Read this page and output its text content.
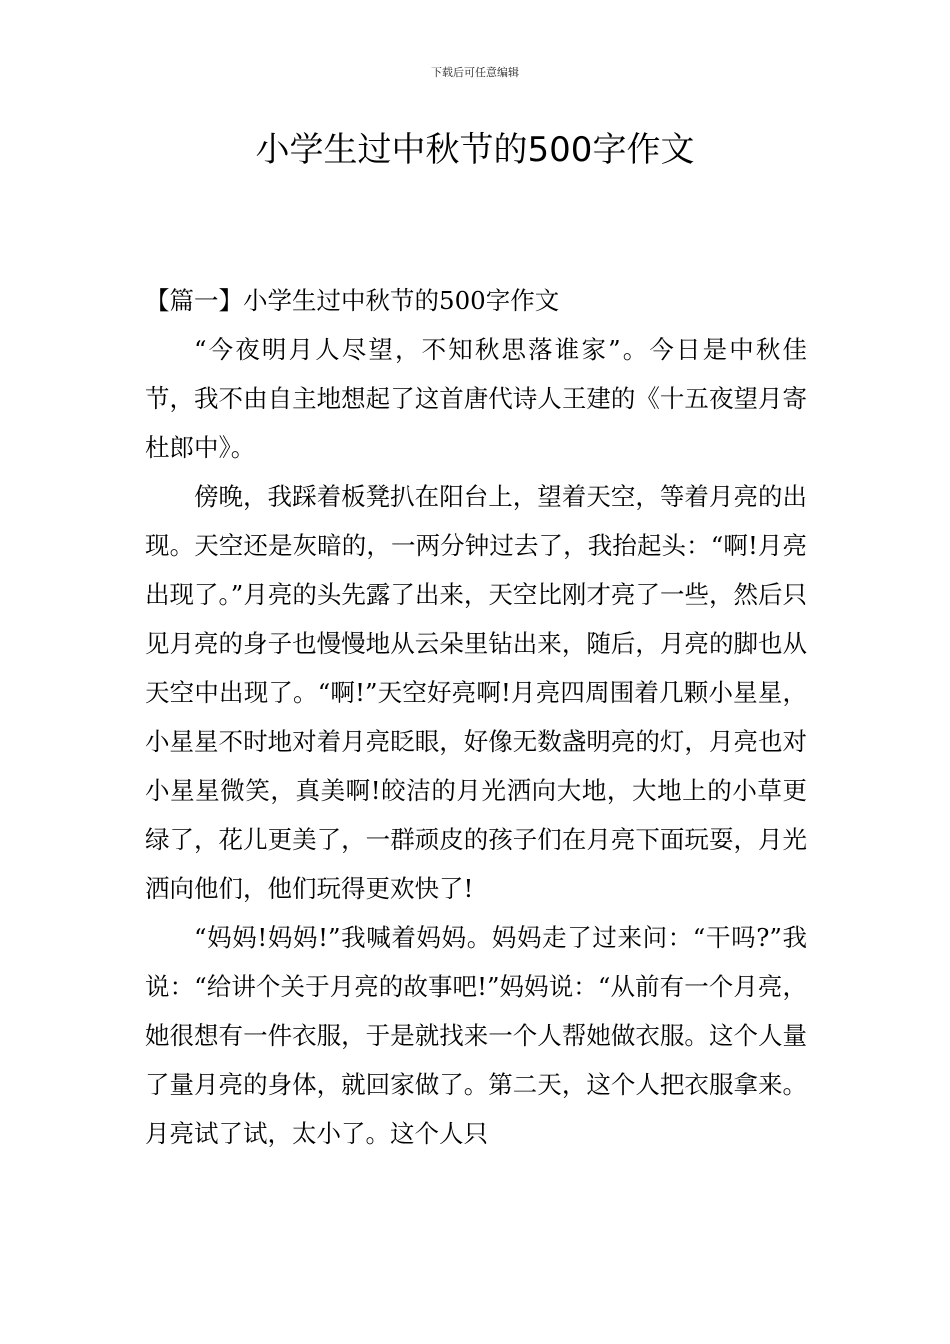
下载后可任意编辑
小学生过中秋节的500字作文

【篇一】小学生过中秋节的500字作文

“今夜明月人尽望，不知秋思落谁家”。今日是中秋佳节，我不由自主地想起了这首唐代诗人王建的《十五夜望月寄杜郎中》。

傍晚，我踩着板凳扒在阳台上，望着天空，等着月亮的出现。天空还是灰暗的，一两分钟过去了，我抬起头：“啊!月亮出现了。”月亮的头先露了出来，天空比刚才亮了一些，然后只见月亮的身子也慢慢地从云朵里钻出来，随后，月亮的脚也从天空中出现了。“啊!”天空好亮啊!月亮四周围着几颗小星星，小星星不时地对着月亮眨眼，好像无数盏明亮的灯，月亮也对小星星微笑，真美啊!皎洁的月光洒向大地，大地上的小草更绿了，花儿更美了，一群顽皮的孩子们在月亮下面玩耍，月光洒向他们，他们玩得更欢快了!

“妈妈!妈妈!”我喊着妈妈。妈妈走了过来问：“干吗?”我说：“给讲个关于月亮的故事吧!”妈妈说：“从前有一个月亮，她很想有一件衣服，于是就找来一个人帮她做衣服。这个人量了量月亮的身体，就回家做了。第二天，这个人把衣服拿来。月亮试了试，太小了。这个人只
